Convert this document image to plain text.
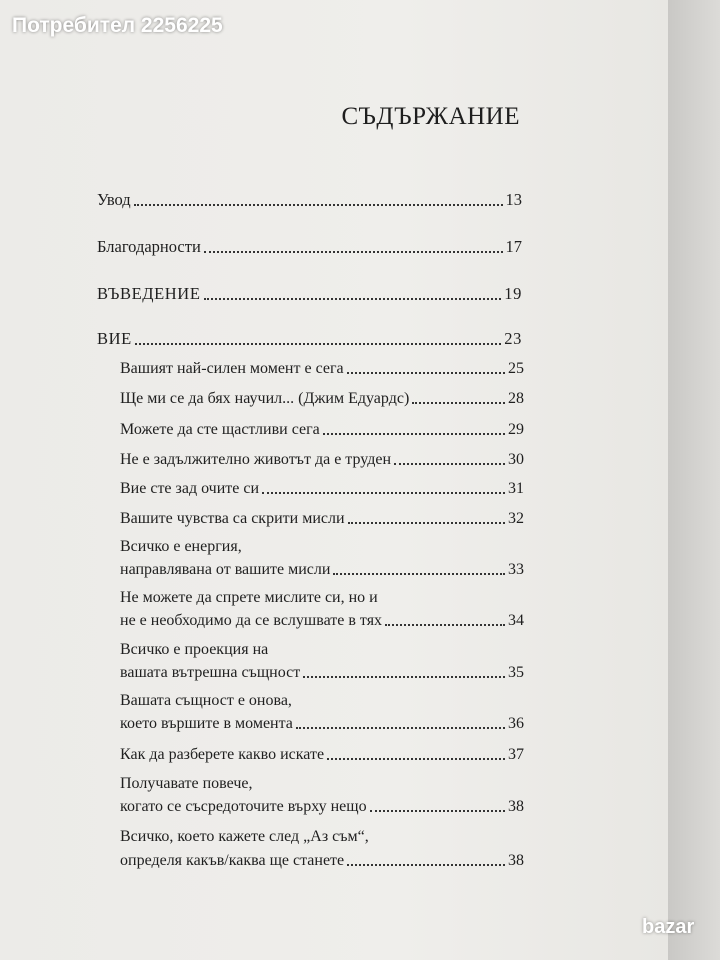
Потребител 2256225
bazar
СЪДЪРЖАНИЕ
Увод	13
Благодарности	17
ВЪВЕДЕНИЕ	19
ВИЕ	23
Вашият най-силен момент е сега	25
Ще ми се да бях научил... (Джим Едуардс)	28
Можете да сте щастливи сега	29
Не е задължително животът да е труден	30
Вие сте зад очите си	31
Вашите чувства са скрити мисли	32
Всичко е енергия,
направлявана от вашите мисли	33
Не можете да спрете мислите си, но и
не е необходимо да се вслушвате в тях	34
Всичко е проекция на
вашата вътрешна същност	35
Вашата същност е онова,
което вършите в момента	36
Как да разберете какво искате	37
Получавате повече,
когато се съсредоточите върху нещо	38
Всичко, което кажете след „Аз съм“,
определя какъв/каква ще станете	38
